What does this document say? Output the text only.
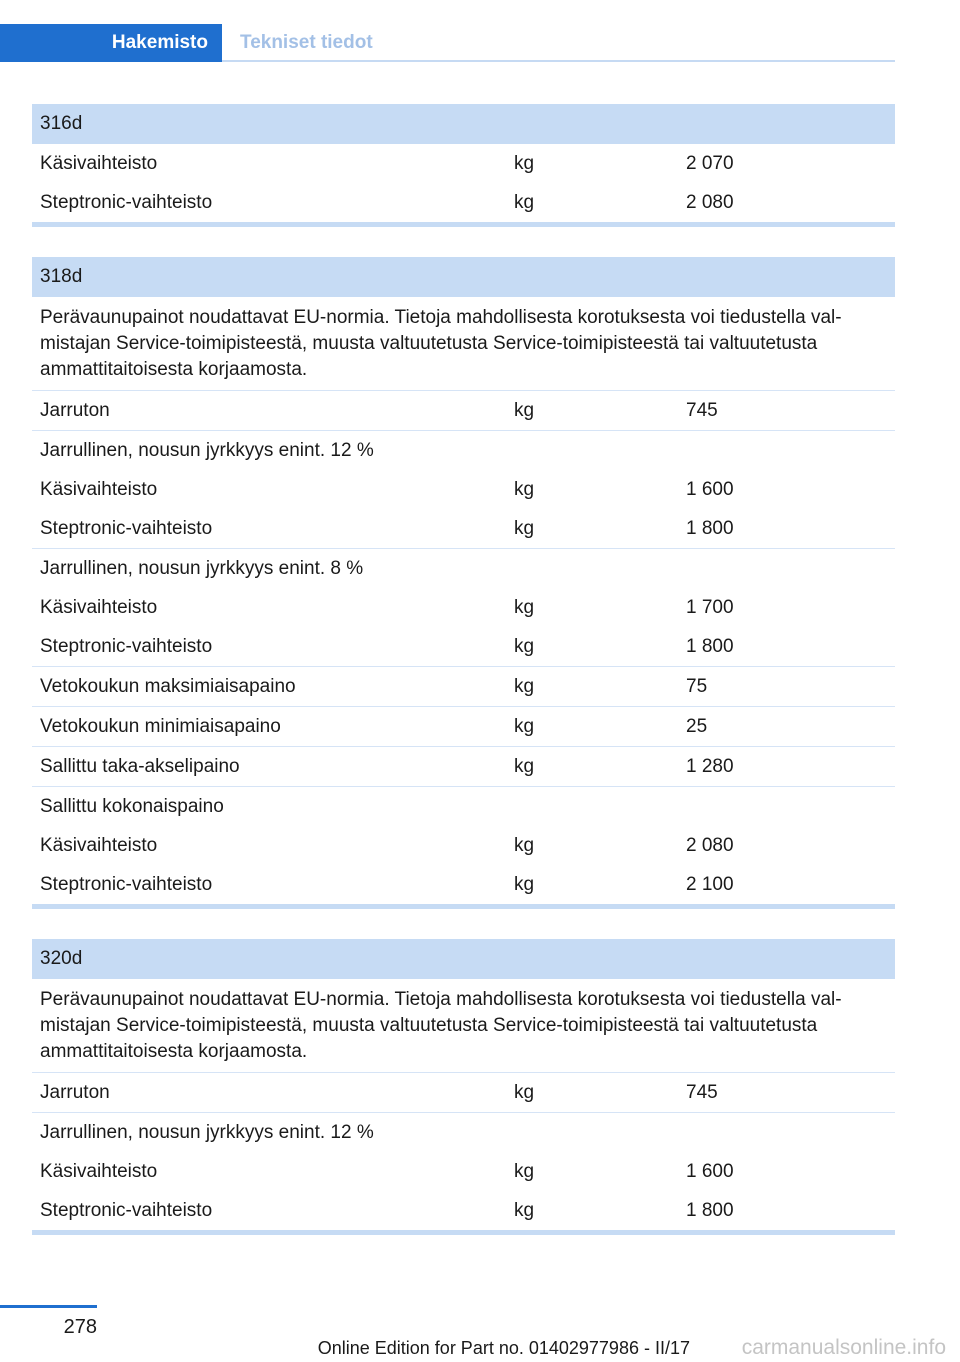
Hakemisto	Tekniset tiedot
316d
Käsivaihteisto	kg	2 070
Steptronic-vaihteisto	kg	2 080
318d
Perävaunupainot noudattavat EU-normia. Tietoja mahdollisesta korotuksesta voi tiedustella valmistajan Service-toimipisteestä, muusta valtuutetusta Service-toimipisteestä tai valtuutetusta ammattitaitoisesta korjaamosta.
Jarruton	kg	745
Jarrullinen, nousun jyrkkyys enint. 12 %
Käsivaihteisto	kg	1 600
Steptronic-vaihteisto	kg	1 800
Jarrullinen, nousun jyrkkyys enint. 8 %
Käsivaihteisto	kg	1 700
Steptronic-vaihteisto	kg	1 800
Vetokoukun maksimiaisapaino	kg	75
Vetokoukun minimiaisapaino	kg	25
Sallittu taka-akselipaino	kg	1 280
Sallittu kokonaispaino
Käsivaihteisto	kg	2 080
Steptronic-vaihteisto	kg	2 100
320d
Perävaunupainot noudattavat EU-normia. Tietoja mahdollisesta korotuksesta voi tiedustella valmistajan Service-toimipisteestä, muusta valtuutetusta Service-toimipisteestä tai valtuutetusta ammattitaitoisesta korjaamosta.
Jarruton	kg	745
Jarrullinen, nousun jyrkkyys enint. 12 %
Käsivaihteisto	kg	1 600
Steptronic-vaihteisto	kg	1 800
278
Online Edition for Part no. 01402977986 - II/17 carmanualsonline.info
